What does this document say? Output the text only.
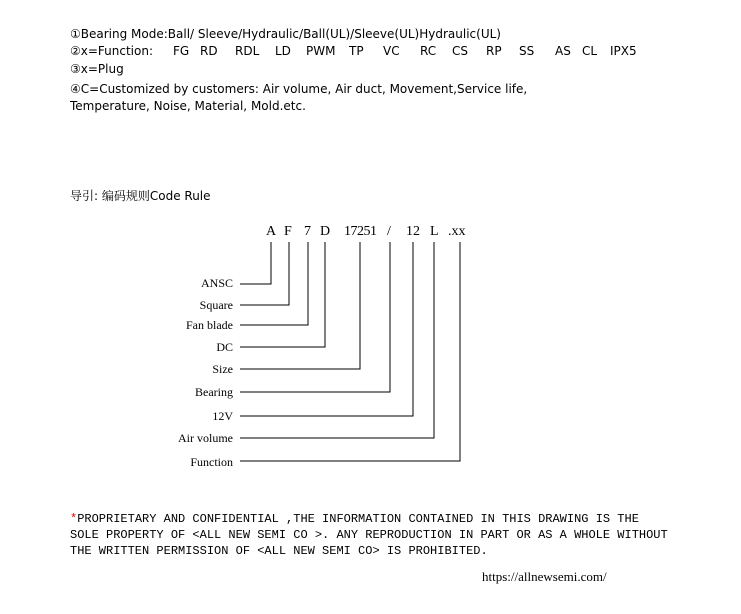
①Bearing Mode:Ball/ Sleeve/Hydraulic/Ball(UL)/Sleeve(UL)Hydraulic(UL)
②x=Function: FG RD RDL LD PWM TP VC RC CS RP SS AS CL IPX5
③x=Plug
④C=Customized by customers: Air volume, Air duct, Movement,Service life,
Temperature, Noise, Material, Mold.etc.
导引: 编码规则Code Rule
A F 7 D 17251 / 12 L .xx
ANSC
Square
Fan blade
DC
Size
Bearing
12V
Air volume
Function
*PROPRIETARY AND CONFIDENTIAL ,THE INFORMATION CONTAINED IN THIS DRAWING IS THE
SOLE PROPERTY OF <ALL NEW SEMI CO >. ANY REPRODUCTION IN PART OR AS A WHOLE WITHOUT
THE WRITTEN PERMISSION OF <ALL NEW SEMI CO> IS PROHIBITED.
https://allnewsemi.com/
